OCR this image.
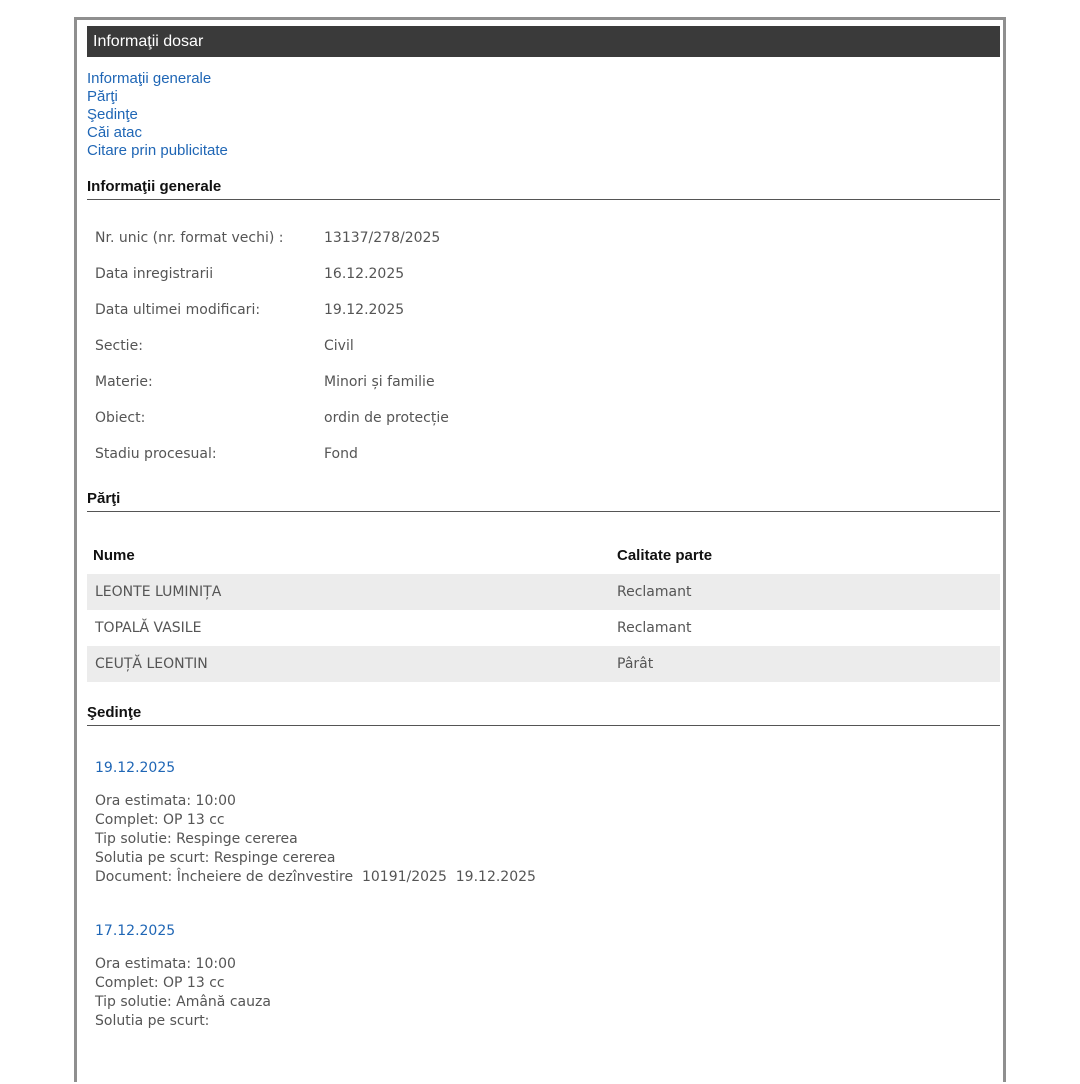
Informaţii dosar
Informaţii generale
Părţi
Şedinţe
Căi atac
Citare prin publicitate
Informaţii generale
Nr. unic (nr. format vechi) :	13137/278/2025
Data inregistrarii	16.12.2025
Data ultimei modificari:	19.12.2025
Sectie:	Civil
Materie:	Minori și familie
Obiect:	ordin de protecție
Stadiu procesual:	Fond
Părţi
Nume	Calitate parte
LEONTE LUMINIȚA	Reclamant
TOPALĂ VASILE	Reclamant
CEUȚĂ LEONTIN	Pârât
Şedinţe
19.12.2025
Ora estimata: 10:00
Complet: OP 13 cc
Tip solutie: Respinge cererea
Solutia pe scurt: Respinge cererea
Document: Încheiere de dezînvestire  10191/2025  19.12.2025
17.12.2025
Ora estimata: 10:00
Complet: OP 13 cc
Tip solutie: Amână cauza
Solutia pe scurt:
